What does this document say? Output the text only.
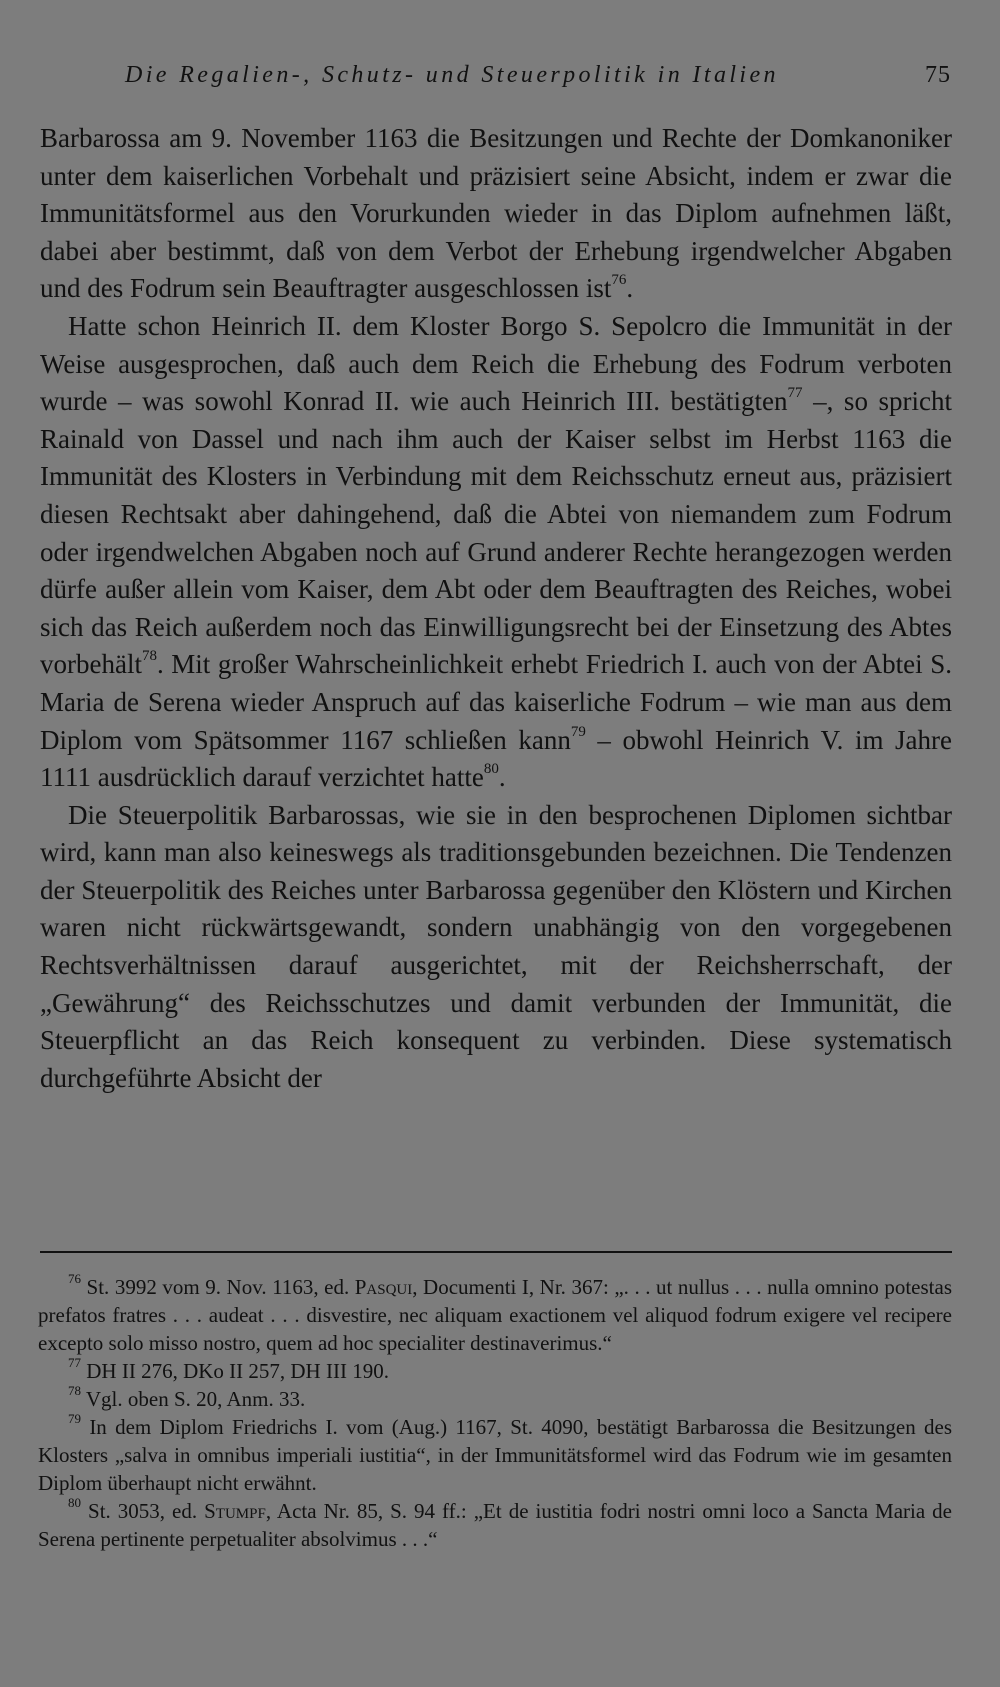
Die Regalien-, Schutz- und Steuerpolitik in Italien	75

Barbarossa am 9. November 1163 die Besitzungen und Rechte der Domkanoniker unter dem kaiserlichen Vorbehalt und präzisiert seine Absicht, indem er zwar die Immunitätsformel aus den Vorurkunden wieder in das Diplom aufnehmen läßt, dabei aber bestimmt, daß von dem Verbot der Erhebung irgendwelcher Abgaben und des Fodrum sein Beauftragter ausgeschlossen ist$^{76}$.

Hatte schon Heinrich II. dem Kloster Borgo S. Sepolcro die Immunität in der Weise ausgesprochen, daß auch dem Reich die Erhebung des Fodrum verboten wurde – was sowohl Konrad II. wie auch Heinrich III. bestätigten$^{77}$ –, so spricht Rainald von Dassel und nach ihm auch der Kaiser selbst im Herbst 1163 die Immunität des Klosters in Verbindung mit dem Reichsschutz erneut aus, präzisiert diesen Rechtsakt aber dahingehend, daß die Abtei von niemandem zum Fodrum oder irgendwelchen Abgaben noch auf Grund anderer Rechte herangezogen werden dürfe außer allein vom Kaiser, dem Abt oder dem Beauftragten des Reiches, wobei sich das Reich außerdem noch das Einwilligungsrecht bei der Einsetzung des Abtes vorbehält$^{78}$. Mit großer Wahrscheinlichkeit erhebt Friedrich I. auch von der Abtei S. Maria de Serena wieder Anspruch auf das kaiserliche Fodrum – wie man aus dem Diplom vom Spätsommer 1167 schließen kann$^{79}$ – obwohl Heinrich V. im Jahre 1111 ausdrücklich darauf verzichtet hatte$^{80}$.

Die Steuerpolitik Barbarossas, wie sie in den besprochenen Diplomen sichtbar wird, kann man also keineswegs als traditionsgebunden bezeichnen. Die Tendenzen der Steuerpolitik des Reiches unter Barbarossa gegenüber den Klöstern und Kirchen waren nicht rückwärtsgewandt, sondern unabhängig von den vorgegebenen Rechtsverhältnissen darauf ausgerichtet, mit der Reichsherrschaft, der „Gewährung“ des Reichsschutzes und damit verbunden der Immunität, die Steuerpflicht an das Reich konsequent zu verbinden. Diese systematisch durchgeführte Absicht der

$^{76}$ St. 3992 vom 9. Nov. 1163, ed. Pasqui, Documenti I, Nr. 367: „. . . ut nullus . . . nulla omnino potestas prefatos fratres . . . audeat . . . disvestire, nec aliquam exactionem vel aliquod fodrum exigere vel recipere excepto solo misso nostro, quem ad hoc specialiter destinaverimus.“

$^{77}$ DH II 276, DKo II 257, DH III 190.

$^{78}$ Vgl. oben S. 20, Anm. 33.

$^{79}$ In dem Diplom Friedrichs I. vom (Aug.) 1167, St. 4090, bestätigt Barbarossa die Besitzungen des Klosters „salva in omnibus imperiali iustitia“, in der Immunitätsformel wird das Fodrum wie im gesamten Diplom überhaupt nicht erwähnt.

$^{80}$ St. 3053, ed. Stumpf, Acta Nr. 85, S. 94 ff.: „Et de iustitia fodri nostri omni loco a Sancta Maria de Serena pertinente perpetualiter absolvimus . . .“
